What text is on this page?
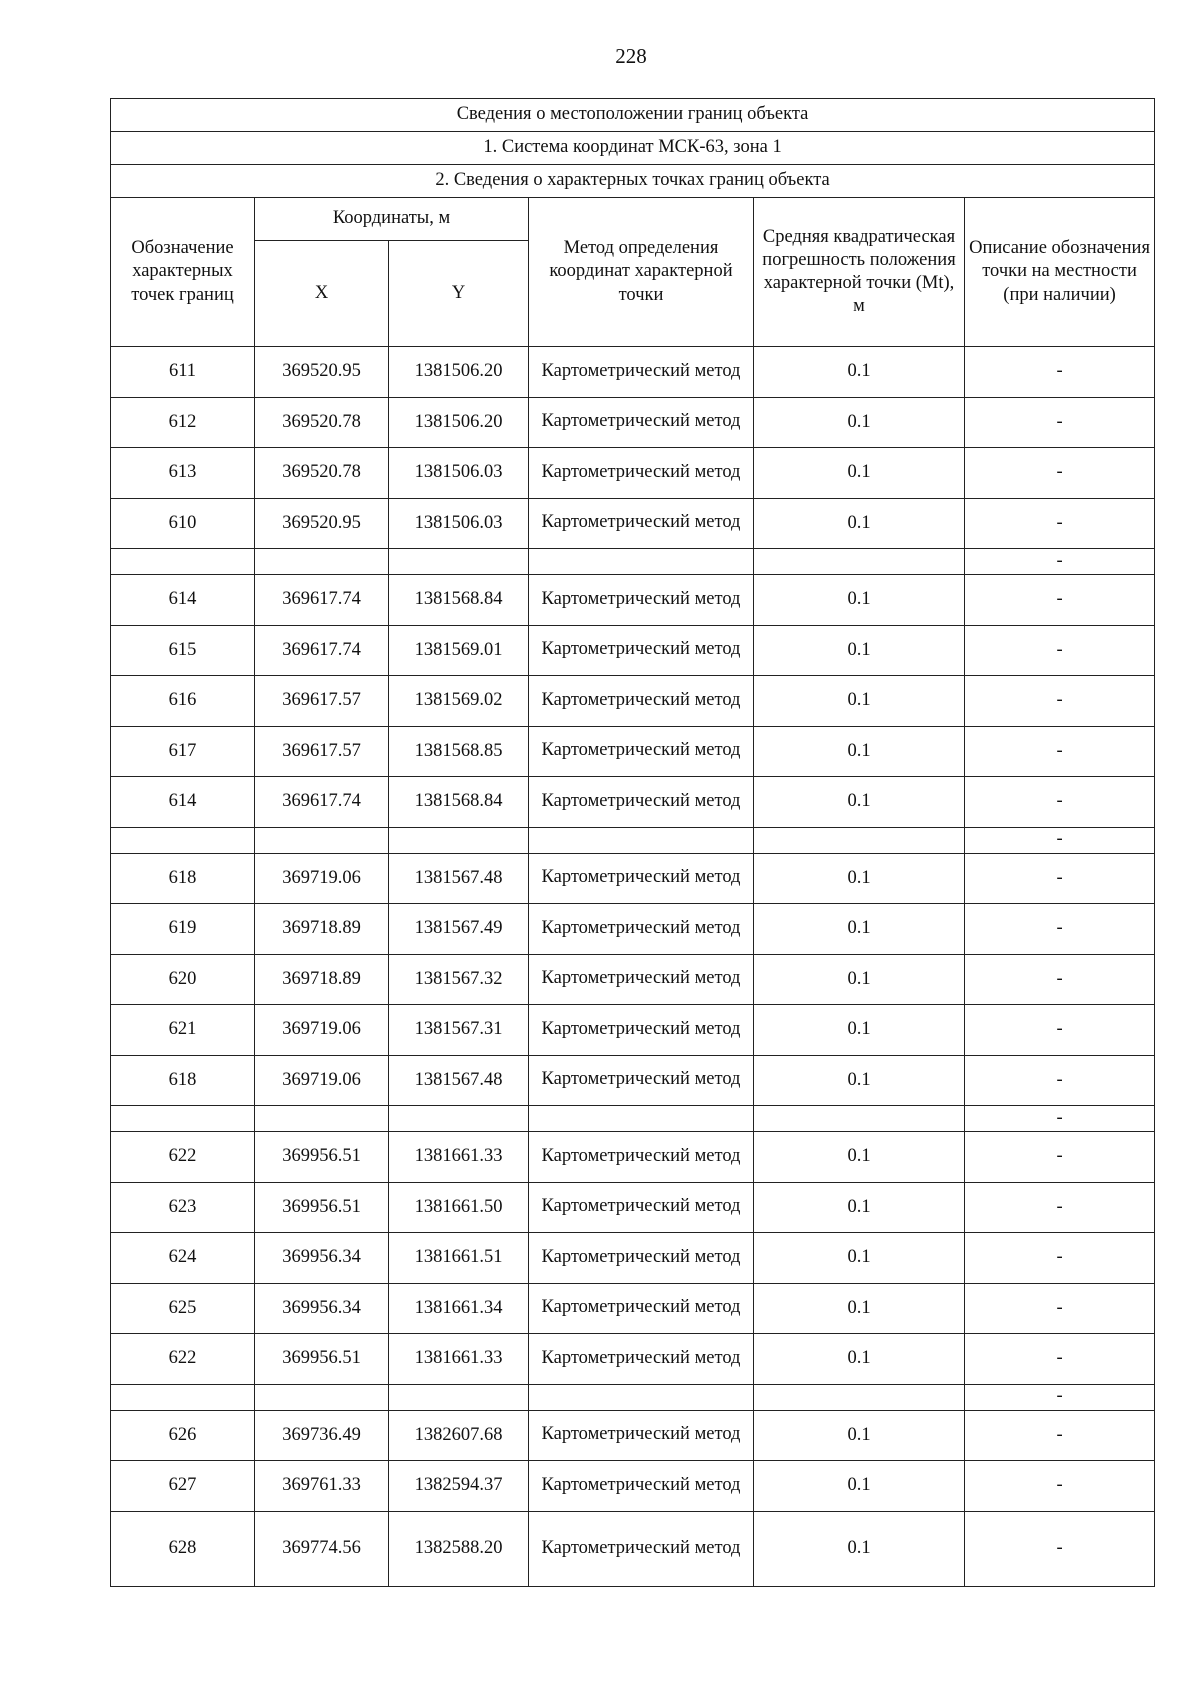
228
Сведения о местоположении границ объекта					
1. Система координат МСК-63, зона 1					
2. Сведения о характерных точках границ объекта					
Обозначение характерных точек границ	Координаты, м		Метод определения координат характерной точки	Средняя квадратическая погрешность положения характерной точки (Mt), м	Описание обозначения точки на местности (при наличии)
	X	Y			
611	369520.95	1381506.20	Картометрический метод	0.1	-
612	369520.78	1381506.20	Картометрический метод	0.1	-
613	369520.78	1381506.03	Картометрический метод	0.1	-
610	369520.95	1381506.03	Картометрический метод	0.1	-
					-
614	369617.74	1381568.84	Картометрический метод	0.1	-
615	369617.74	1381569.01	Картометрический метод	0.1	-
616	369617.57	1381569.02	Картометрический метод	0.1	-
617	369617.57	1381568.85	Картометрический метод	0.1	-
614	369617.74	1381568.84	Картометрический метод	0.1	-
					-
618	369719.06	1381567.48	Картометрический метод	0.1	-
619	369718.89	1381567.49	Картометрический метод	0.1	-
620	369718.89	1381567.32	Картометрический метод	0.1	-
621	369719.06	1381567.31	Картометрический метод	0.1	-
618	369719.06	1381567.48	Картометрический метод	0.1	-
					-
622	369956.51	1381661.33	Картометрический метод	0.1	-
623	369956.51	1381661.50	Картометрический метод	0.1	-
624	369956.34	1381661.51	Картометрический метод	0.1	-
625	369956.34	1381661.34	Картометрический метод	0.1	-
622	369956.51	1381661.33	Картометрический метод	0.1	-
					-
626	369736.49	1382607.68	Картометрический метод	0.1	-
627	369761.33	1382594.37	Картометрический метод	0.1	-
628	369774.56	1382588.20	Картометрический метод	0.1	-
